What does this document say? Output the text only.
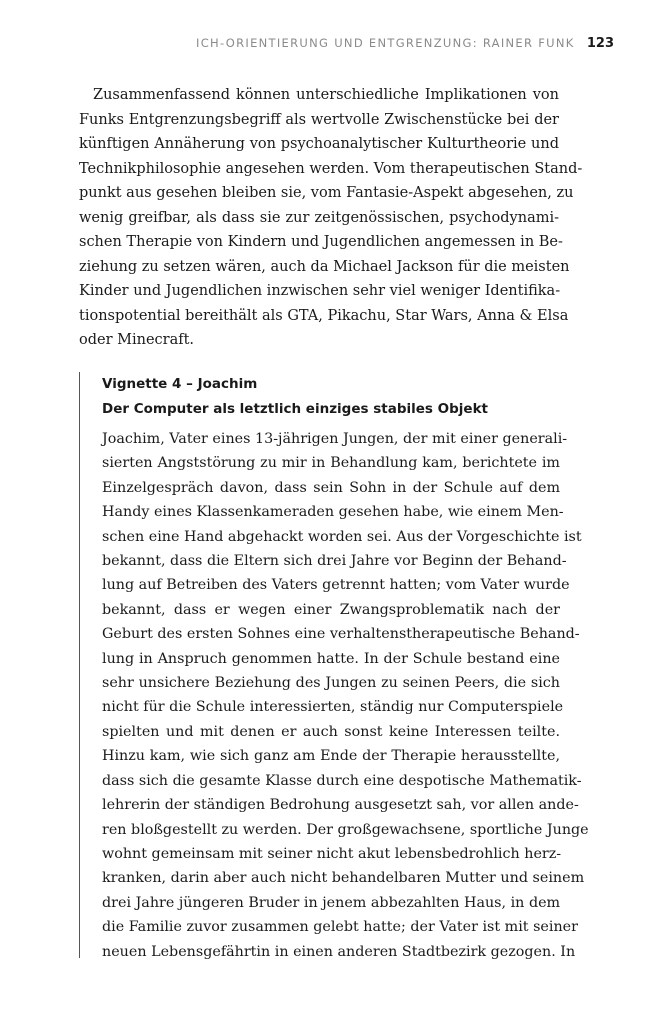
ICH-ORIENTIERUNG UND ENTGRENZUNG: RAINER FUNK 123

Zusammenfassend können unterschiedliche Implikationen von
Funks Entgrenzungsbegriff als wertvolle Zwischenstücke bei der
künftigen Annäherung von psychoanalytischer Kulturtheorie und
Technikphilosophie angesehen werden. Vom therapeutischen Stand-
punkt aus gesehen bleiben sie, vom Fantasie-Aspekt abgesehen, zu
wenig greifbar, als dass sie zur zeitgenössischen, psychodynami-
schen Therapie von Kindern und Jugendlichen angemessen in Be-
ziehung zu setzen wären, auch da Michael Jackson für die meisten
Kinder und Jugendlichen inzwischen sehr viel weniger Identifika-
tionspotential bereithält als GTA, Pikachu, Star Wars, Anna & Elsa
oder Minecraft.

Vignette 4 – Joachim
Der Computer als letztlich einziges stabiles Objekt

Joachim, Vater eines 13-jährigen Jungen, der mit einer generali-
sierten Angststörung zu mir in Behandlung kam, berichtete im
Einzelgespräch davon, dass sein Sohn in der Schule auf dem
Handy eines Klassenkameraden gesehen habe, wie einem Men-
schen eine Hand abgehackt worden sei. Aus der Vorgeschichte ist
bekannt, dass die Eltern sich drei Jahre vor Beginn der Behand-
lung auf Betreiben des Vaters getrennt hatten; vom Vater wurde
bekannt, dass er wegen einer Zwangsproblematik nach der
Geburt des ersten Sohnes eine verhaltenstherapeutische Behand-
lung in Anspruch genommen hatte. In der Schule bestand eine
sehr unsichere Beziehung des Jungen zu seinen Peers, die sich
nicht für die Schule interessierten, ständig nur Computerspiele
spielten und mit denen er auch sonst keine Interessen teilte.
Hinzu kam, wie sich ganz am Ende der Therapie herausstellte,
dass sich die gesamte Klasse durch eine despotische Mathematik-
lehrerin der ständigen Bedrohung ausgesetzt sah, vor allen ande-
ren bloßgestellt zu werden. Der großgewachsene, sportliche Junge
wohnt gemeinsam mit seiner nicht akut lebensbedrohlich herz-
kranken, darin aber auch nicht behandelbaren Mutter und seinem
drei Jahre jüngeren Bruder in jenem abbezahlten Haus, in dem
die Familie zuvor zusammen gelebt hatte; der Vater ist mit seiner
neuen Lebensgefährtin in einen anderen Stadtbezirk gezogen. In
